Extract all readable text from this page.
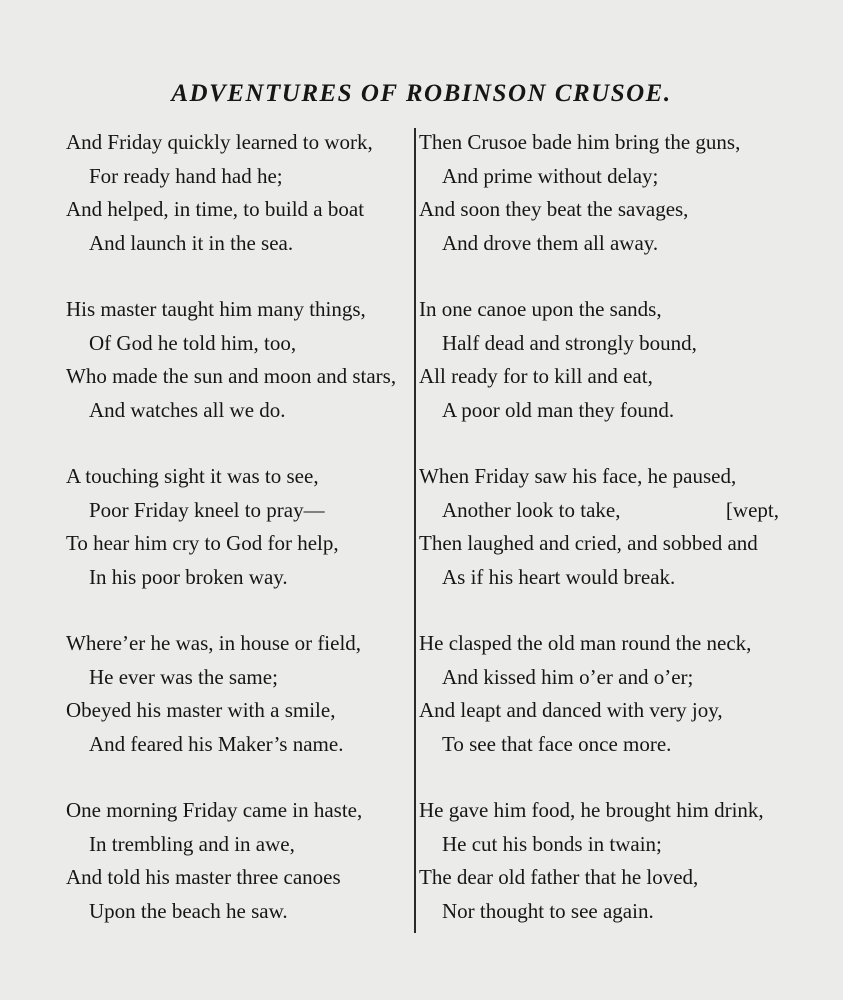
ADVENTURES OF ROBINSON CRUSOE.
And Friday quickly learned to work,
For ready hand had he;
And helped, in time, to build a boat
And launch it in the sea.
His master taught him many things,
Of God he told him, too,
Who made the sun and moon and stars,
And watches all we do.
A touching sight it was to see,
Poor Friday kneel to pray—
To hear him cry to God for help,
In his poor broken way.
Where’er he was, in house or field,
He ever was the same;
Obeyed his master with a smile,
And feared his Maker’s name.
One morning Friday came in haste,
In trembling and in awe,
And told his master three canoes
Upon the beach he saw.
Then Crusoe bade him bring the guns,
And prime without delay;
And soon they beat the savages,
And drove them all away.
In one canoe upon the sands,
Half dead and strongly bound,
All ready for to kill and eat,
A poor old man they found.
When Friday saw his face, he paused,
Another look to take,	[wept,
Then laughed and cried, and sobbed and
As if his heart would break.
He clasped the old man round the neck,
And kissed him o’er and o’er;
And leapt and danced with very joy,
To see that face once more.
He gave him food, he brought him drink,
He cut his bonds in twain;
The dear old father that he loved,
Nor thought to see again.
